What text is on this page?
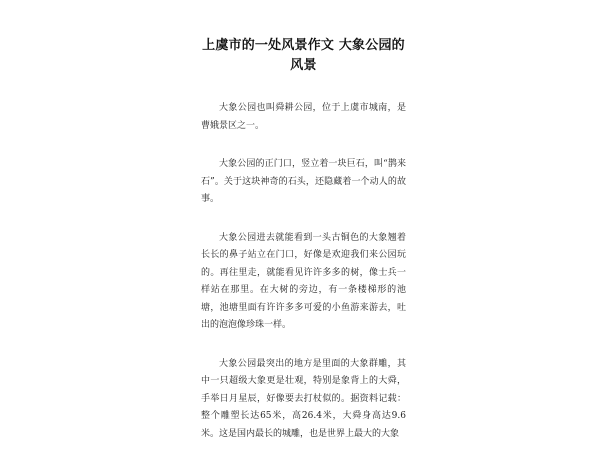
上虞市的一处风景作文 大象公园的风景

大象公园也叫舜耕公园，位于上虞市城南，是曹娥景区之一。

大象公园的正门口，竖立着一块巨石，叫“鹊来石”。关于这块神奇的石头，还隐藏着一个动人的故事。

大象公园进去就能看到一头古铜色的大象翘着长长的鼻子站立在门口，好像是欢迎我们来公园玩的。再往里走，就能看见许许多多的树，像士兵一样站在那里。在大树的旁边，有一条楼梯形的池塘，池塘里面有许许多多可爱的小鱼游来游去，吐出的泡泡像珍珠一样。

大象公园最突出的地方是里面的大象群雕，其中一只超级大象更是壮观，特别是象背上的大舜，手举日月星辰，好像要去打杖似的。据资料记载：整个雕塑长达65米，高26.4米，大舜身高达9.6米。这是国内最长的城雕，也是世界上最大的大象
